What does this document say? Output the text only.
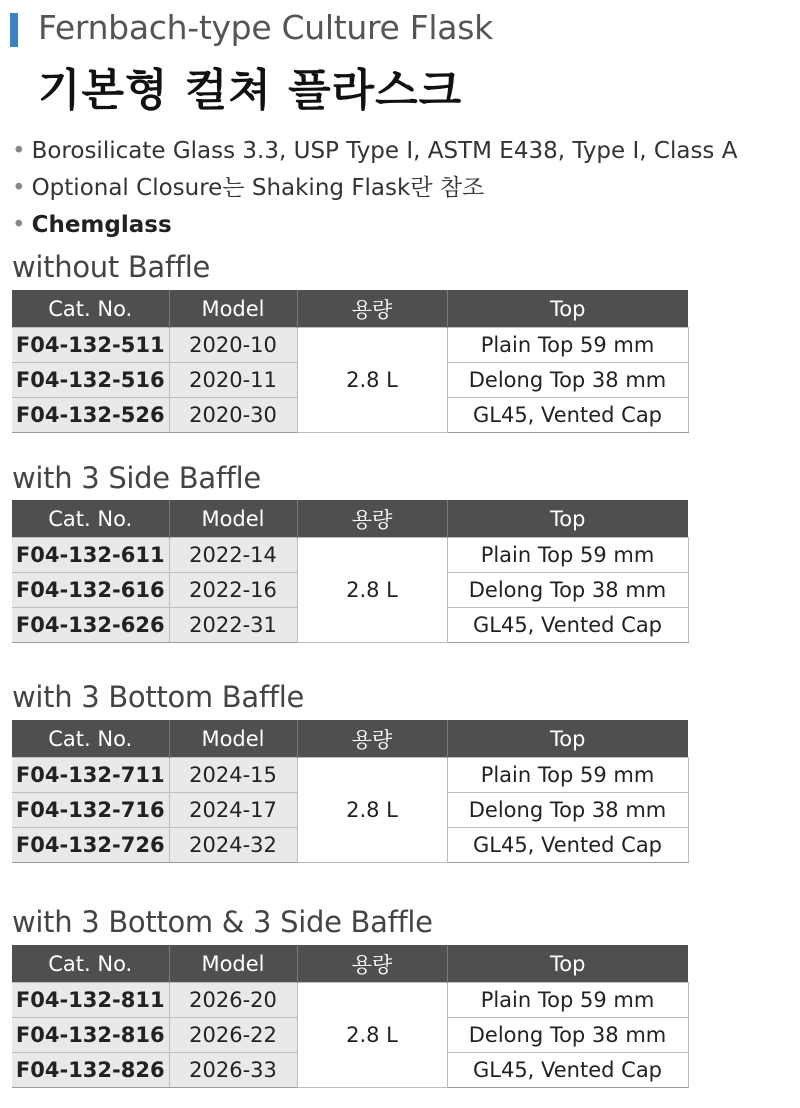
Fernbach-type Culture Flask
기본형 컬쳐 플라스크
• Borosilicate Glass 3.3, USP Type I, ASTM E438, Type I, Class A
• Optional Closure는 Shaking Flask란 참조
• Chemglass
without Baffle
Cat. No.	Model	용량	Top
F04-132-511	2020-10	2.8 L	Plain Top 59 mm
F04-132-516	2020-11		Delong Top 38 mm
F04-132-526	2020-30		GL45, Vented Cap
with 3 Side Baffle
Cat. No.	Model	용량	Top
F04-132-611	2022-14	2.8 L	Plain Top 59 mm
F04-132-616	2022-16		Delong Top 38 mm
F04-132-626	2022-31		GL45, Vented Cap
with 3 Bottom Baffle
Cat. No.	Model	용량	Top
F04-132-711	2024-15	2.8 L	Plain Top 59 mm
F04-132-716	2024-17		Delong Top 38 mm
F04-132-726	2024-32		GL45, Vented Cap
with 3 Bottom & 3 Side Baffle
Cat. No.	Model	용량	Top
F04-132-811	2026-20	2.8 L	Plain Top 59 mm
F04-132-816	2026-22		Delong Top 38 mm
F04-132-826	2026-33		GL45, Vented Cap
